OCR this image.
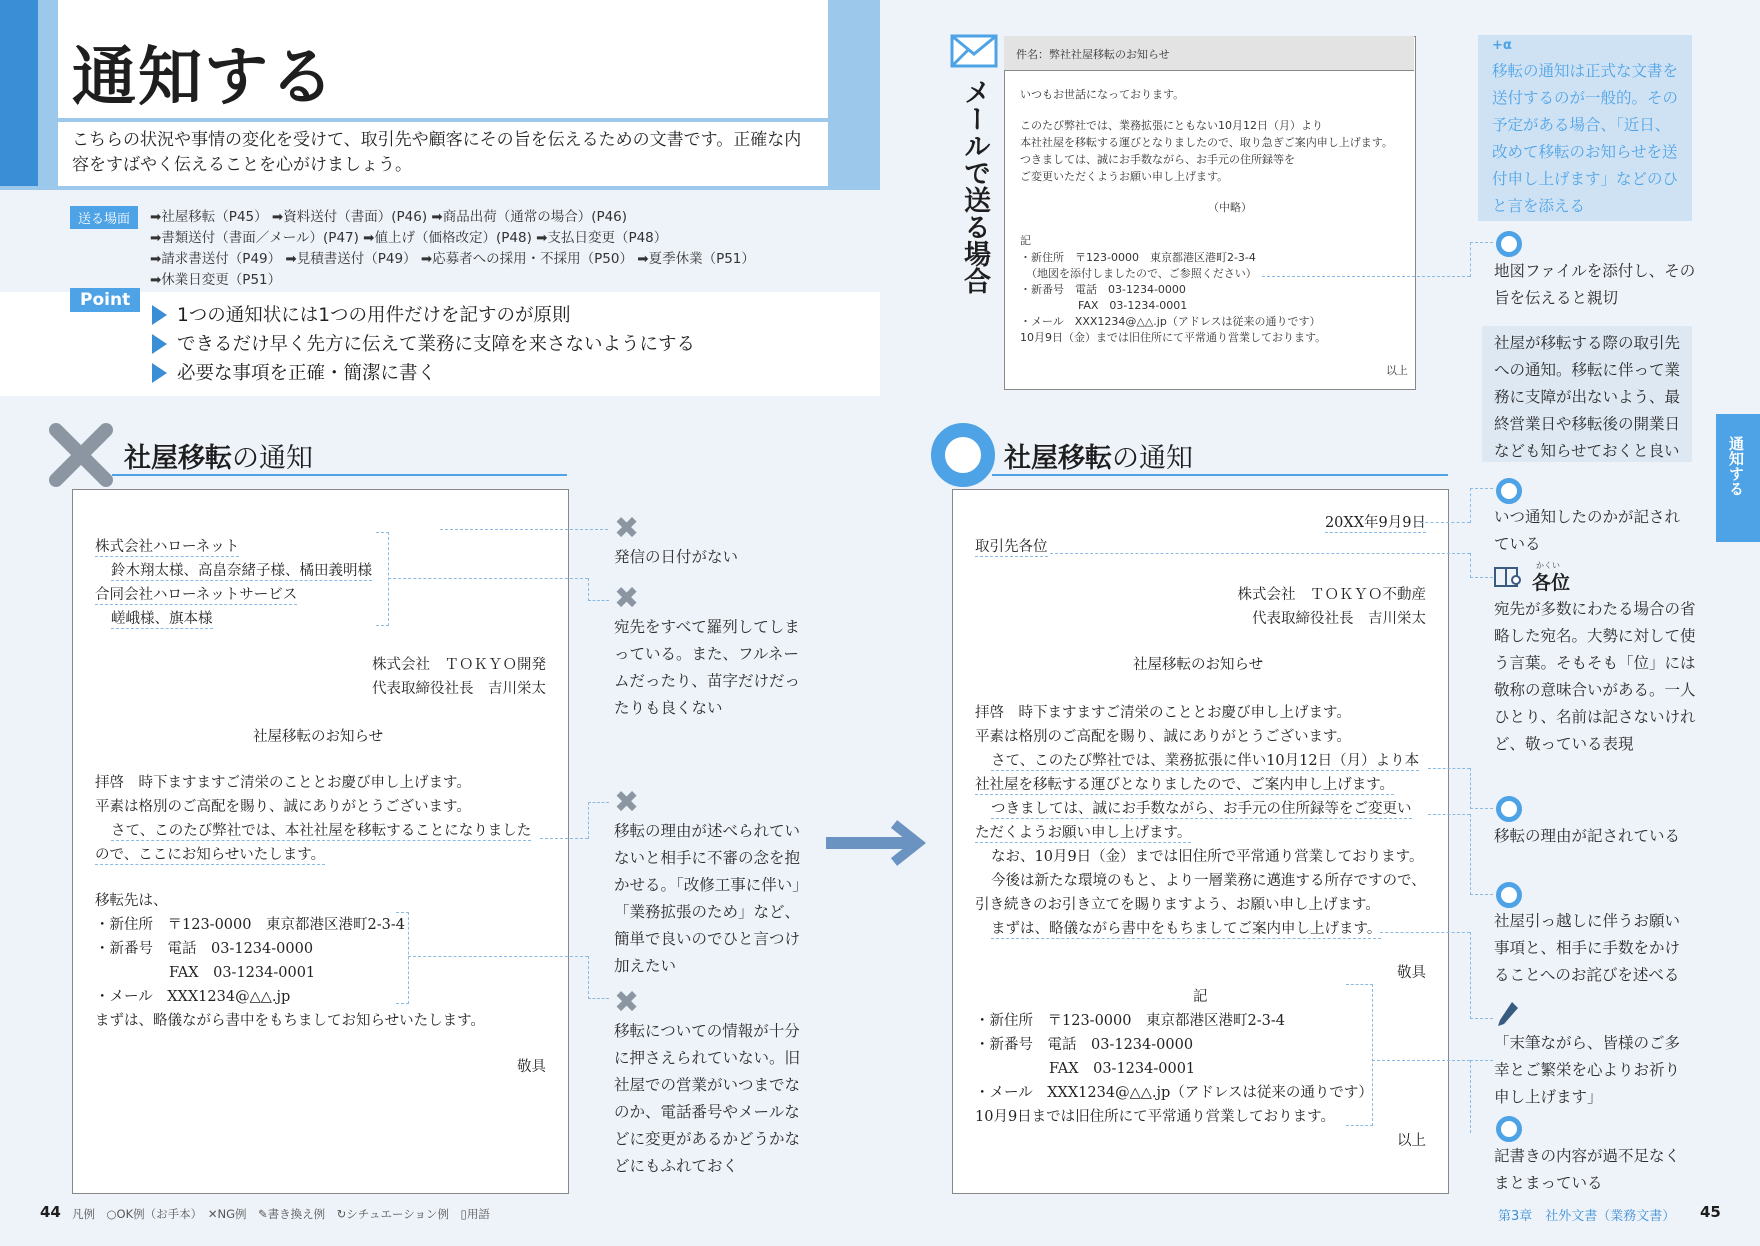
通知する
こちらの状況や事情の変化を受けて、取引先や顧客にその旨を伝えるための文書です。正確な内容をすばやく伝えることを心がけましょう。
送る場面	➡社屋移転（P45） ➡資料送付（書面）(P46) ➡商品出荷（通常の場合）(P46)
➡書類送付（書面／メール）(P47) ➡値上げ（価格改定）(P48) ➡支払日変更（P48）
➡請求書送付（P49） ➡見積書送付（P49） ➡応募者への採用・不採用（P50） ➡夏季休業（P51）
➡休業日変更（P51）
Point
1つの通知状には1つの用件だけを記すのが原則
できるだけ早く先方に伝えて業務に支障を来さないようにする
必要な事項を正確・簡潔に書く
社屋移転の通知
株式会社ハローネット
鈴木翔太様、高畠奈緒子様、橘田義明様
合同会社ハローネットサービス
嵯峨様、旗本様
株式会社　ＴＯＫＹＯ開発
代表取締役社長　吉川栄太
社屋移転のお知らせ
拝啓　時下ますますご清栄のこととお慶び申し上げます。
平素は格別のご高配を賜り、誠にありがとうございます。
さて、このたび弊社では、本社社屋を移転することになりました
ので、ここにお知らせいたします。
移転先は、
・新住所　〒123-0000　東京都港区港町2-3-4
・新番号　電話　03-1234-0000
FAX　03-1234-0001
・メール　XXX1234@△△.jp
まずは、略儀ながら書中をもちましてお知らせいたします。
敬具
✖
発信の日付がない
✖
宛先をすべて羅列してしまっている。また、フルネームだったり、苗字だけだったりも良くない
✖
移転の理由が述べられていないと相手に不審の念を抱かせる。「改修工事に伴い」「業務拡張のため」など、簡単で良いのでひと言つけ加えたい
✖
移転についての情報が十分に押さえられていない。旧社屋での営業がいつまでなのか、電話番号やメールなどに変更があるかどうかなどにもふれておく
メールで送る場合
件名：弊社社屋移転のお知らせ
いつもお世話になっております。
このたび弊社では、業務拡張にともない10月12日（月）より
本社社屋を移転する運びとなりましたので、取り急ぎご案内申し上げます。
つきましては、誠にお手数ながら、お手元の住所録等を
ご変更いただくようお願い申し上げます。
（中略）
記
・新住所　〒123-0000　東京都港区港町2-3-4
（地図を添付しましたので、ご参照ください）
・新番号　電話　03-1234-0000
FAX　03-1234-0001
・メール　XXX1234@△△.jp（アドレスは従来の通りです）
10月9日（金）までは旧住所にて平常通り営業しております。
以上
+α
移転の通知は正式な文書を送付するのが一般的。その予定がある場合、「近日、改めて移転のお知らせを送付申し上げます」などのひと言を添える
地図ファイルを添付し、その旨を伝えると親切
社屋が移転する際の取引先への通知。移転に伴って業務に支障が出ないよう、最終営業日や移転後の開業日なども知らせておくと良い	通知する
社屋移転の通知
20XX年9月9日
取引先各位
株式会社　ＴＯＫＹＯ不動産
代表取締役社長　吉川栄太
社屋移転のお知らせ
拝啓　時下ますますご清栄のこととお慶び申し上げます。
平素は格別のご高配を賜り、誠にありがとうございます。
さて、このたび弊社では、業務拡張に伴い10月12日（月）より本
社社屋を移転する運びとなりましたので、ご案内申し上げます。
つきましては、誠にお手数ながら、お手元の住所録等をご変更い
ただくようお願い申し上げます。
なお、10月9日（金）までは旧住所で平常通り営業しております。
今後は新たな環境のもと、より一層業務に邁進する所存ですので、
引き続きのお引き立てを賜りますよう、お願い申し上げます。
まずは、略儀ながら書中をもちましてご案内申し上げます。
敬具
記
・新住所　〒123-0000　東京都港区港町2-3-4
・新番号　電話　03-1234-0000
FAX　03-1234-0001
・メール　XXX1234@△△.jp（アドレスは従来の通りです）
10月9日までは旧住所にて平常通り営業しております。
以上
いつ通知したのかが記されている
かくい
各位
宛先が多数にわたる場合の省略した宛名。大勢に対して使う言葉。そもそも「位」には敬称の意味合いがある。一人ひとり、名前は記さないけれど、敬っている表現
移転の理由が記されている
社屋引っ越しに伴うお願い事項と、相手に手数をかけることへのお詫びを述べる
「末筆ながら、皆様のご多幸とご繁栄を心よりお祈り申し上げます」
記書きの内容が過不足なくまとまっている
44 凡例　○OK例（お手本）　✕NG例　✎書き換え例　↻シチュエーション例　▯用語	第3章　社外文書（業務文書） 45
